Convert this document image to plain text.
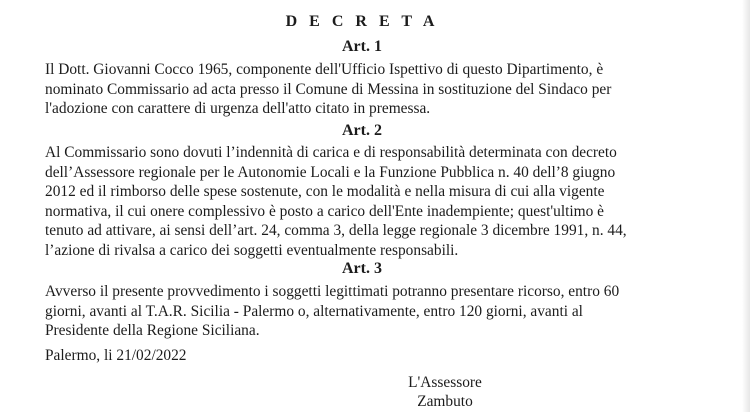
D E C R E T A
Art. 1
Il Dott. Giovanni Cocco 1965, componente dell'Ufficio Ispettivo di questo Dipartimento, è
nominato Commissario ad acta presso il Comune di Messina in sostituzione del Sindaco per
l'adozione con carattere di urgenza dell'atto citato in premessa.
Art. 2
Al Commissario sono dovuti l’indennità di carica e di responsabilità determinata con decreto
dell’Assessore regionale per le Autonomie Locali e la Funzione Pubblica n. 40 dell’8 giugno
2012 ed il rimborso delle spese sostenute, con le modalità e nella misura di cui alla vigente
normativa, il cui onere complessivo è posto a carico dell'Ente inadempiente; quest'ultimo è
tenuto ad attivare, ai sensi dell’art. 24, comma 3, della legge regionale 3 dicembre 1991, n. 44,
l’azione di rivalsa a carico dei soggetti eventualmente responsabili.
Art. 3
Avverso il presente provvedimento i soggetti legittimati potranno presentare ricorso, entro 60
giorni, avanti al T.A.R. Sicilia - Palermo o, alternativamente, entro 120 giorni, avanti al
Presidente della Regione Siciliana.
Palermo, li 21/02/2022
L'Assessore
Zambuto
